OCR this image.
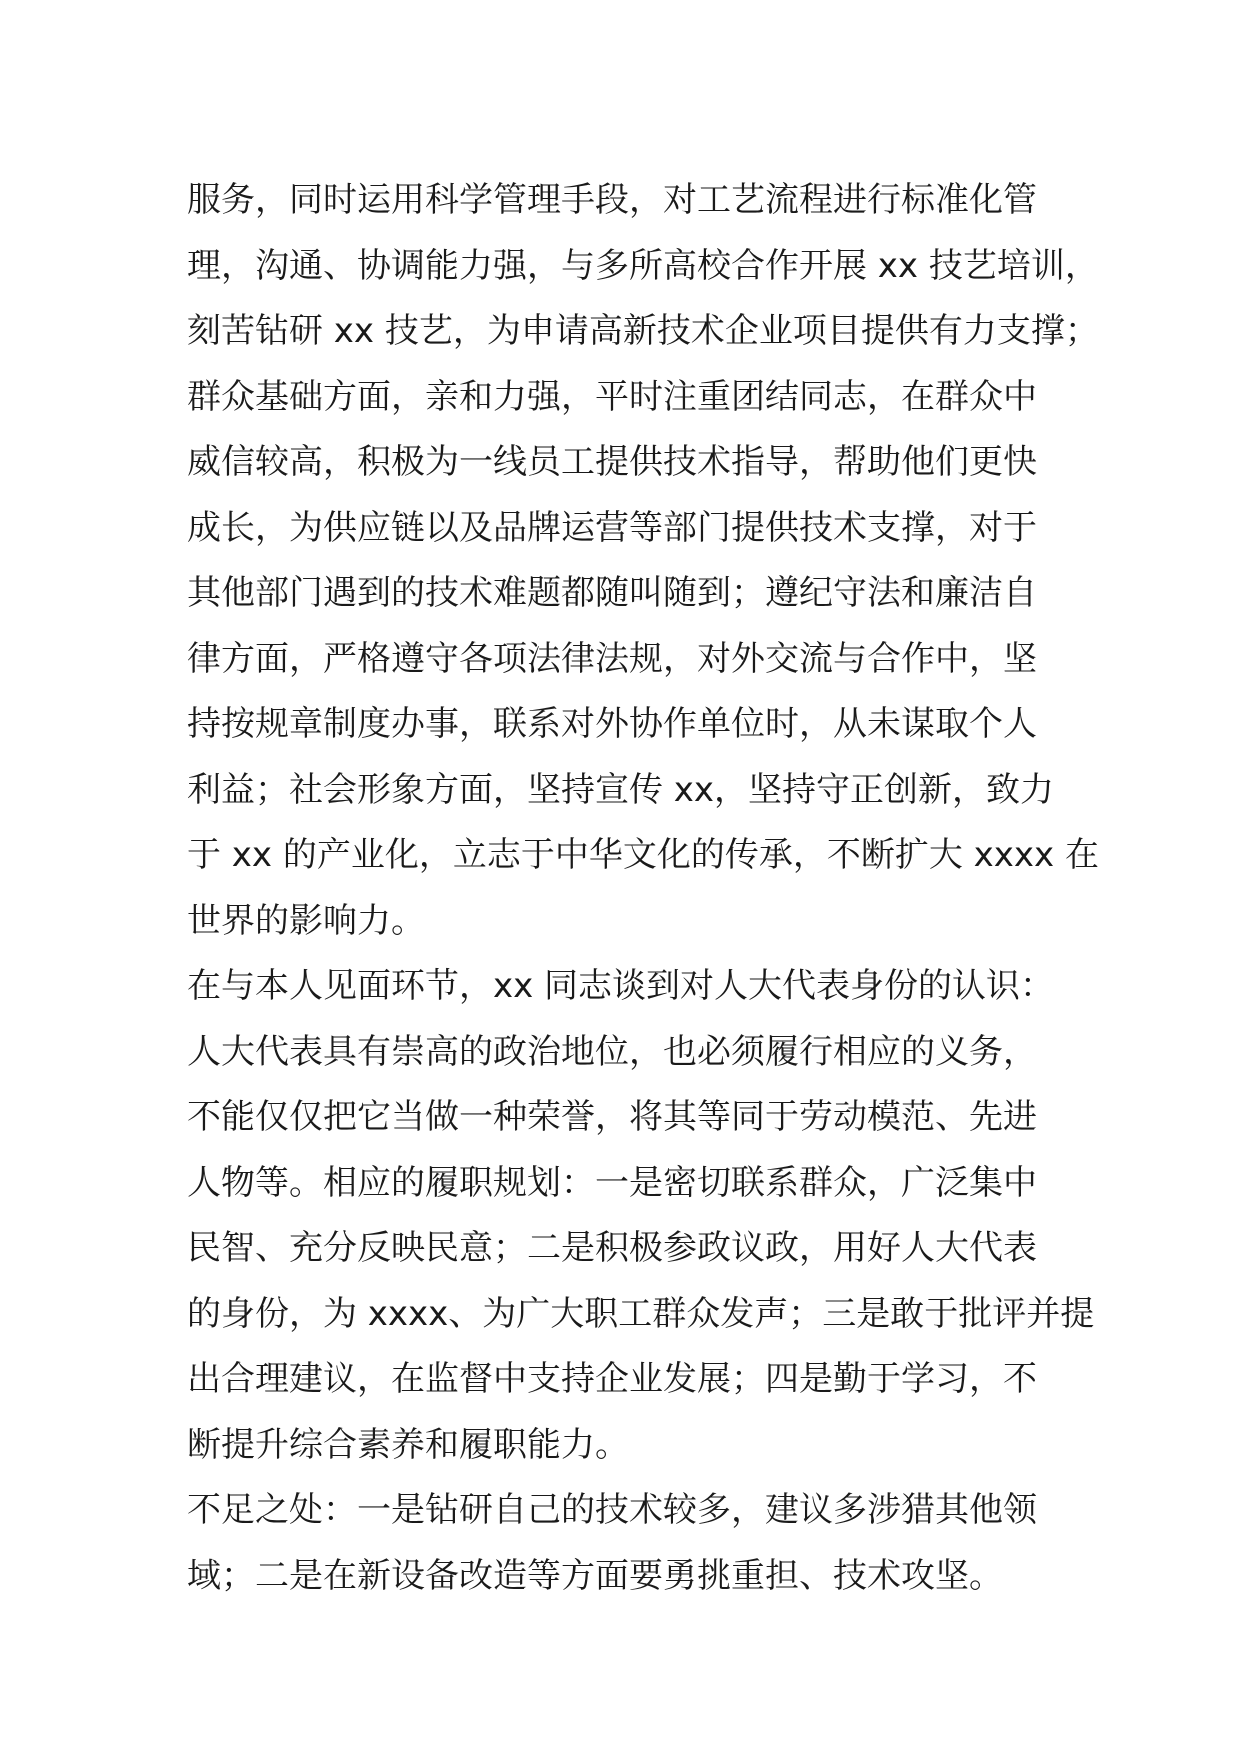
服务，同时运用科学管理手段，对工艺流程进行标准化管
理，沟通、协调能力强，与多所高校合作开展 xx 技艺培训，
刻苦钻研 xx 技艺，为申请高新技术企业项目提供有力支撑；
群众基础方面，亲和力强，平时注重团结同志，在群众中
威信较高，积极为一线员工提供技术指导，帮助他们更快
成长，为供应链以及品牌运营等部门提供技术支撑，对于
其他部门遇到的技术难题都随叫随到；遵纪守法和廉洁自
律方面，严格遵守各项法律法规，对外交流与合作中，坚
持按规章制度办事，联系对外协作单位时，从未谋取个人
利益；社会形象方面，坚持宣传 xx，坚持守正创新，致力
于 xx 的产业化，立志于中华文化的传承，不断扩大 xxxx 在
世界的影响力。
在与本人见面环节，xx 同志谈到对人大代表身份的认识：
人大代表具有崇高的政治地位，也必须履行相应的义务，
不能仅仅把它当做一种荣誉，将其等同于劳动模范、先进
人物等。相应的履职规划：一是密切联系群众，广泛集中
民智、充分反映民意；二是积极参政议政，用好人大代表
的身份，为 xxxx、为广大职工群众发声；三是敢于批评并提
出合理建议，在监督中支持企业发展；四是勤于学习，不
断提升综合素养和履职能力。
不足之处：一是钻研自己的技术较多，建议多涉猎其他领
域；二是在新设备改造等方面要勇挑重担、技术攻坚。
